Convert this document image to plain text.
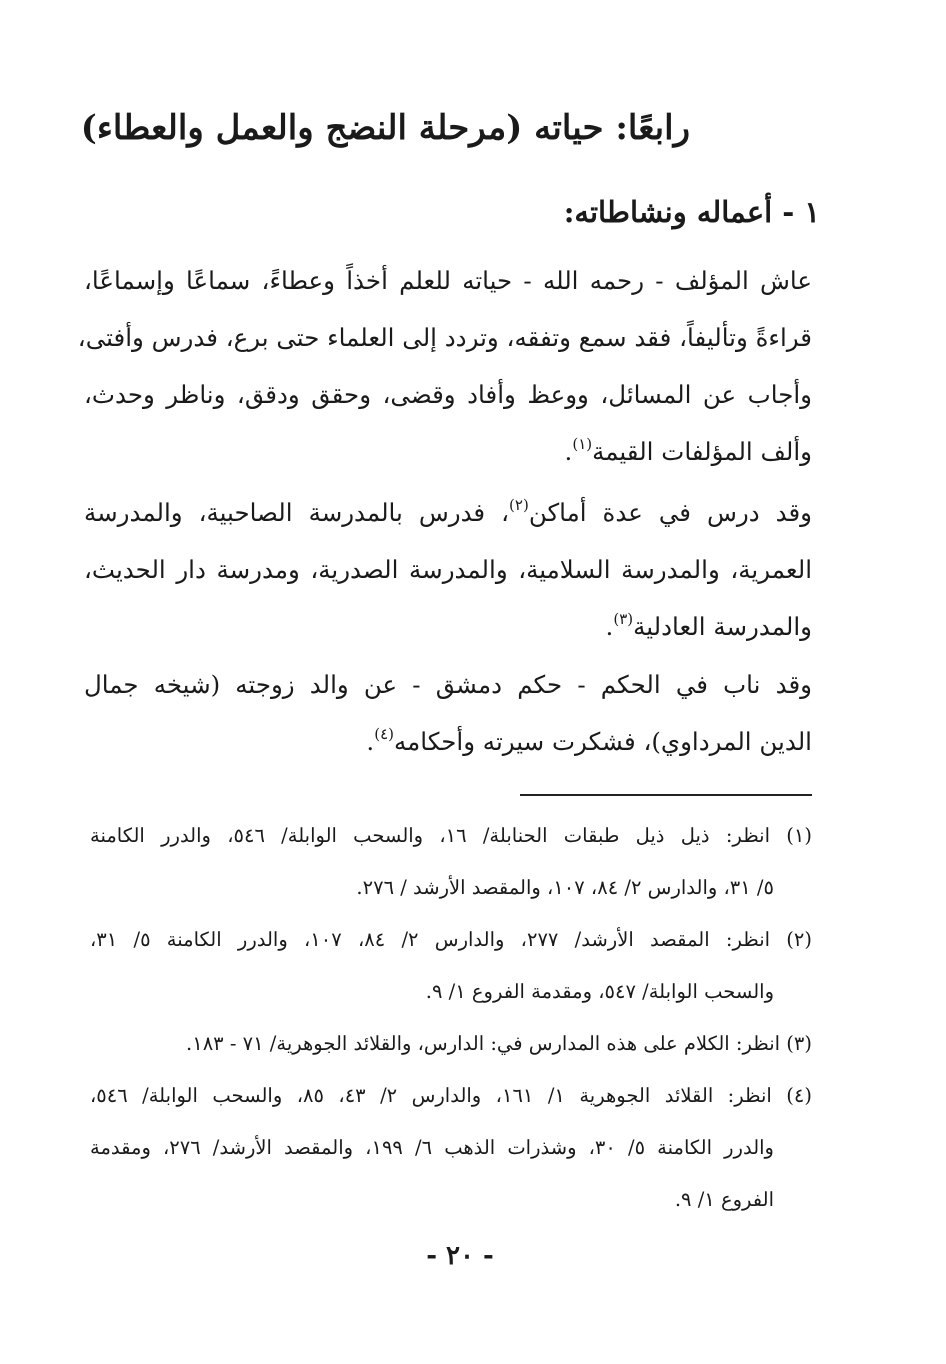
رابعًا: حياته (مرحلة النضج والعمل والعطاء)
١ - أعماله ونشاطاته:
عاش المؤلف - رحمه الله - حياته للعلم أخذاً وعطاءً، سماعًا وإسماعًا،
قراءةً وتأليفاً، فقد سمع وتفقه، وتردد إلى العلماء حتى برع، فدرس وأفتى،
وأجاب عن المسائل، ووعظ وأفاد وقضى، وحقق ودقق، وناظر وحدث،
وألف المؤلفات القيمة$^{(١)}$.
وقد درس في عدة أماكن$^{(٢)}$، فدرس بالمدرسة الصاحبية، والمدرسة
العمرية، والمدرسة السلامية، والمدرسة الصدرية، ومدرسة دار الحديث،
والمدرسة العادلية$^{(٣)}$.
وقد ناب في الحكم - حكم دمشق - عن والد زوجته (شيخه جمال
الدين المرداوي)، فشكرت سيرته وأحكامه$^{(٤)}$.
(١) انظر: ذيل ذيل طبقات الحنابلة/ ١٦، والسحب الوابلة/ ٥٤٦، والدرر الكامنة
٥/ ٣١، والدارس ٢/ ٨٤، ١٠٧، والمقصد الأرشد / ٢٧٦.
(٢) انظر: المقصد الأرشد/ ٢٧٧، والدارس ٢/ ٨٤، ١٠٧، والدرر الكامنة ٥/ ٣١،
والسحب الوابلة/ ٥٤٧، ومقدمة الفروع ١/ ٩.
(٣) انظر: الكلام على هذه المدارس في: الدارس، والقلائد الجوهرية/ ٧١ - ١٨٣.
(٤) انظر: القلائد الجوهرية ١/ ١٦١، والدارس ٢/ ٤٣، ٨٥، والسحب الوابلة/ ٥٤٦،
والدرر الكامنة ٥/ ٣٠، وشذرات الذهب ٦/ ١٩٩، والمقصد الأرشد/ ٢٧٦، ومقدمة
الفروع ١/ ٩.
- ٢٠ -
